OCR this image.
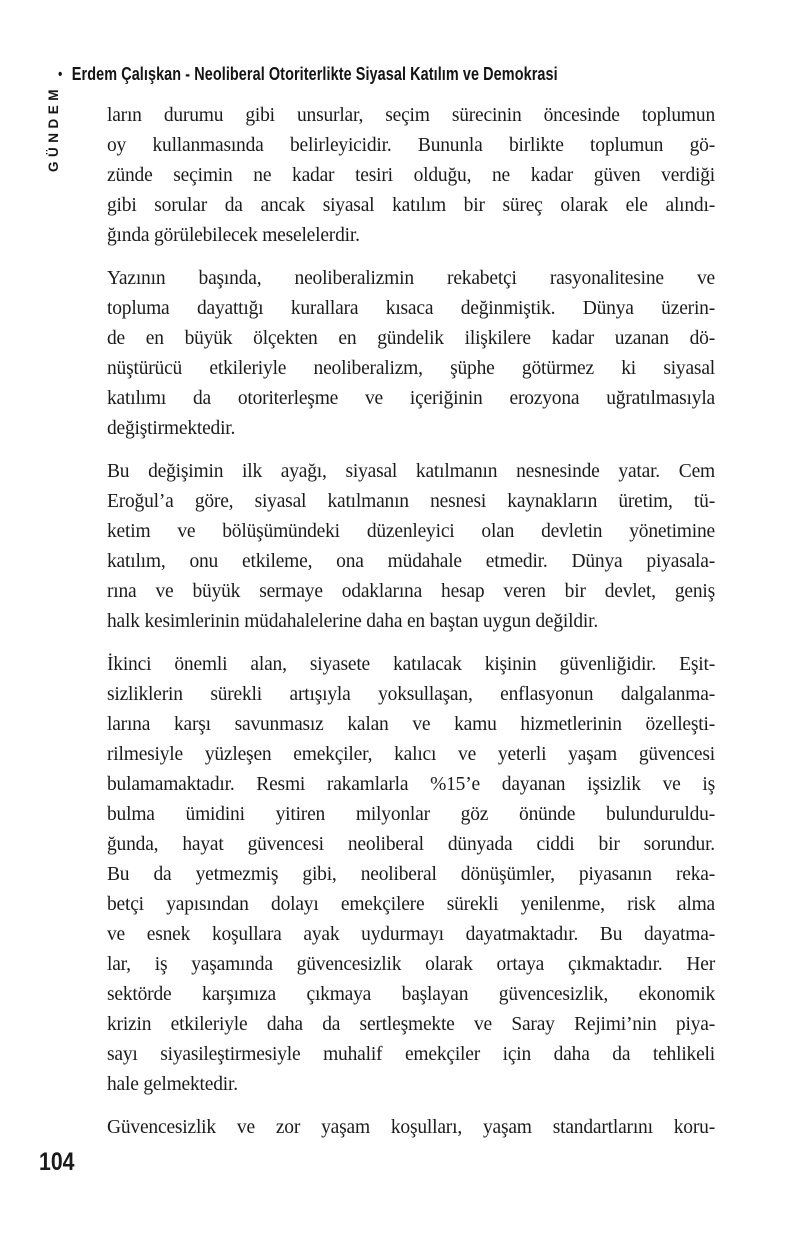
• Erdem Çalışkan - Neoliberal Otoriterlikte Siyasal Katılım ve Demokrasi
GÜNDEM ların durumu gibi unsurlar, seçim sürecinin öncesinde toplumun
oy kullanmasında belirleyicidir. Bununla birlikte toplumun gö-
zünde seçimin ne kadar tesiri olduğu, ne kadar güven verdiği
gibi sorular da ancak siyasal katılım bir süreç olarak ele alındı-
ğında görülebilecek meselelerdir.
Yazının başında, neoliberalizmin rekabetçi rasyonalitesine ve
topluma dayattığı kurallara kısaca değinmiştik. Dünya üzerin-
de en büyük ölçekten en gündelik ilişkilere kadar uzanan dö-
nüştürücü etkileriyle neoliberalizm, şüphe götürmez ki siyasal
katılımı da otoriterleşme ve içeriğinin erozyona uğratılmasıyla
değiştirmektedir.
Bu değişimin ilk ayağı, siyasal katılmanın nesnesinde yatar. Cem
Eroğul’a göre, siyasal katılmanın nesnesi kaynakların üretim, tü-
ketim ve bölüşümündeki düzenleyici olan devletin yönetimine
katılım, onu etkileme, ona müdahale etmedir. Dünya piyasala-
rına ve büyük sermaye odaklarına hesap veren bir devlet, geniş
halk kesimlerinin müdahalelerine daha en baştan uygun değildir.
İkinci önemli alan, siyasete katılacak kişinin güvenliğidir. Eşit-
sizliklerin sürekli artışıyla yoksullaşan, enflasyonun dalgalanma-
larına karşı savunmasız kalan ve kamu hizmetlerinin özelleşti-
rilmesiyle yüzleşen emekçiler, kalıcı ve yeterli yaşam güvencesi
bulamamaktadır. Resmi rakamlarla %15’e dayanan işsizlik ve iş
bulma ümidini yitiren milyonlar göz önünde bulunduruldu-
ğunda, hayat güvencesi neoliberal dünyada ciddi bir sorundur.
Bu da yetmezmiş gibi, neoliberal dönüşümler, piyasanın reka-
betçi yapısından dolayı emekçilere sürekli yenilenme, risk alma
ve esnek koşullara ayak uydurmayı dayatmaktadır. Bu dayatma-
lar, iş yaşamında güvencesizlik olarak ortaya çıkmaktadır. Her
sektörde karşımıza çıkmaya başlayan güvencesizlik, ekonomik
krizin etkileriyle daha da sertleşmekte ve Saray Rejimi’nin piya-
sayı siyasileştirmesiyle muhalif emekçiler için daha da tehlikeli
hale gelmektedir.
Güvencesizlik ve zor yaşam koşulları, yaşam standartlarını koru-
104
